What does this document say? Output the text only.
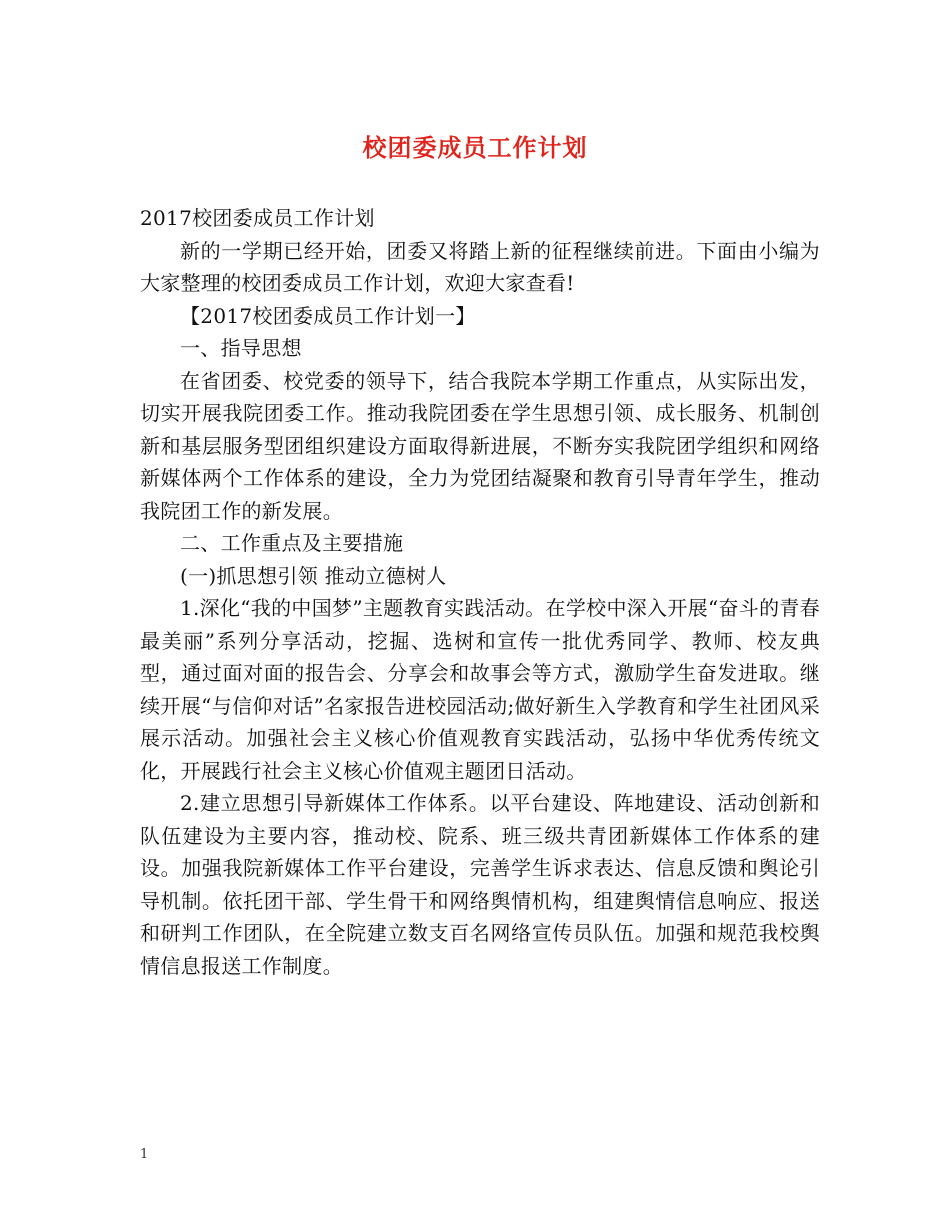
校团委成员工作计划

2017校团委成员工作计划

新的一学期已经开始，团委又将踏上新的征程继续前进。下面由小编为大家整理的校团委成员工作计划，欢迎大家查看!

【2017校团委成员工作计划一】

一、指导思想

在省团委、校党委的领导下，结合我院本学期工作重点，从实际出发，切实开展我院团委工作。推动我院团委在学生思想引领、成长服务、机制创新和基层服务型团组织建设方面取得新进展，不断夯实我院团学组织和网络新媒体两个工作体系的建设，全力为党团结凝聚和教育引导青年学生，推动我院团工作的新发展。

二、工作重点及主要措施

(一)抓思想引领 推动立德树人

1.深化“我的中国梦”主题教育实践活动。在学校中深入开展“奋斗的青春最美丽”系列分享活动，挖掘、选树和宣传一批优秀同学、教师、校友典型，通过面对面的报告会、分享会和故事会等方式，激励学生奋发进取。继续开展“与信仰对话”名家报告进校园活动;做好新生入学教育和学生社团风采展示活动。加强社会主义核心价值观教育实践活动，弘扬中华优秀传统文化，开展践行社会主义核心价值观主题团日活动。

2.建立思想引导新媒体工作体系。以平台建设、阵地建设、活动创新和队伍建设为主要内容，推动校、院系、班三级共青团新媒体工作体系的建设。加强我院新媒体工作平台建设，完善学生诉求表达、信息反馈和舆论引导机制。依托团干部、学生骨干和网络舆情机构，组建舆情信息响应、报送和研判工作团队，在全院建立数支百名网络宣传员队伍。加强和规范我校舆情信息报送工作制度。

1
